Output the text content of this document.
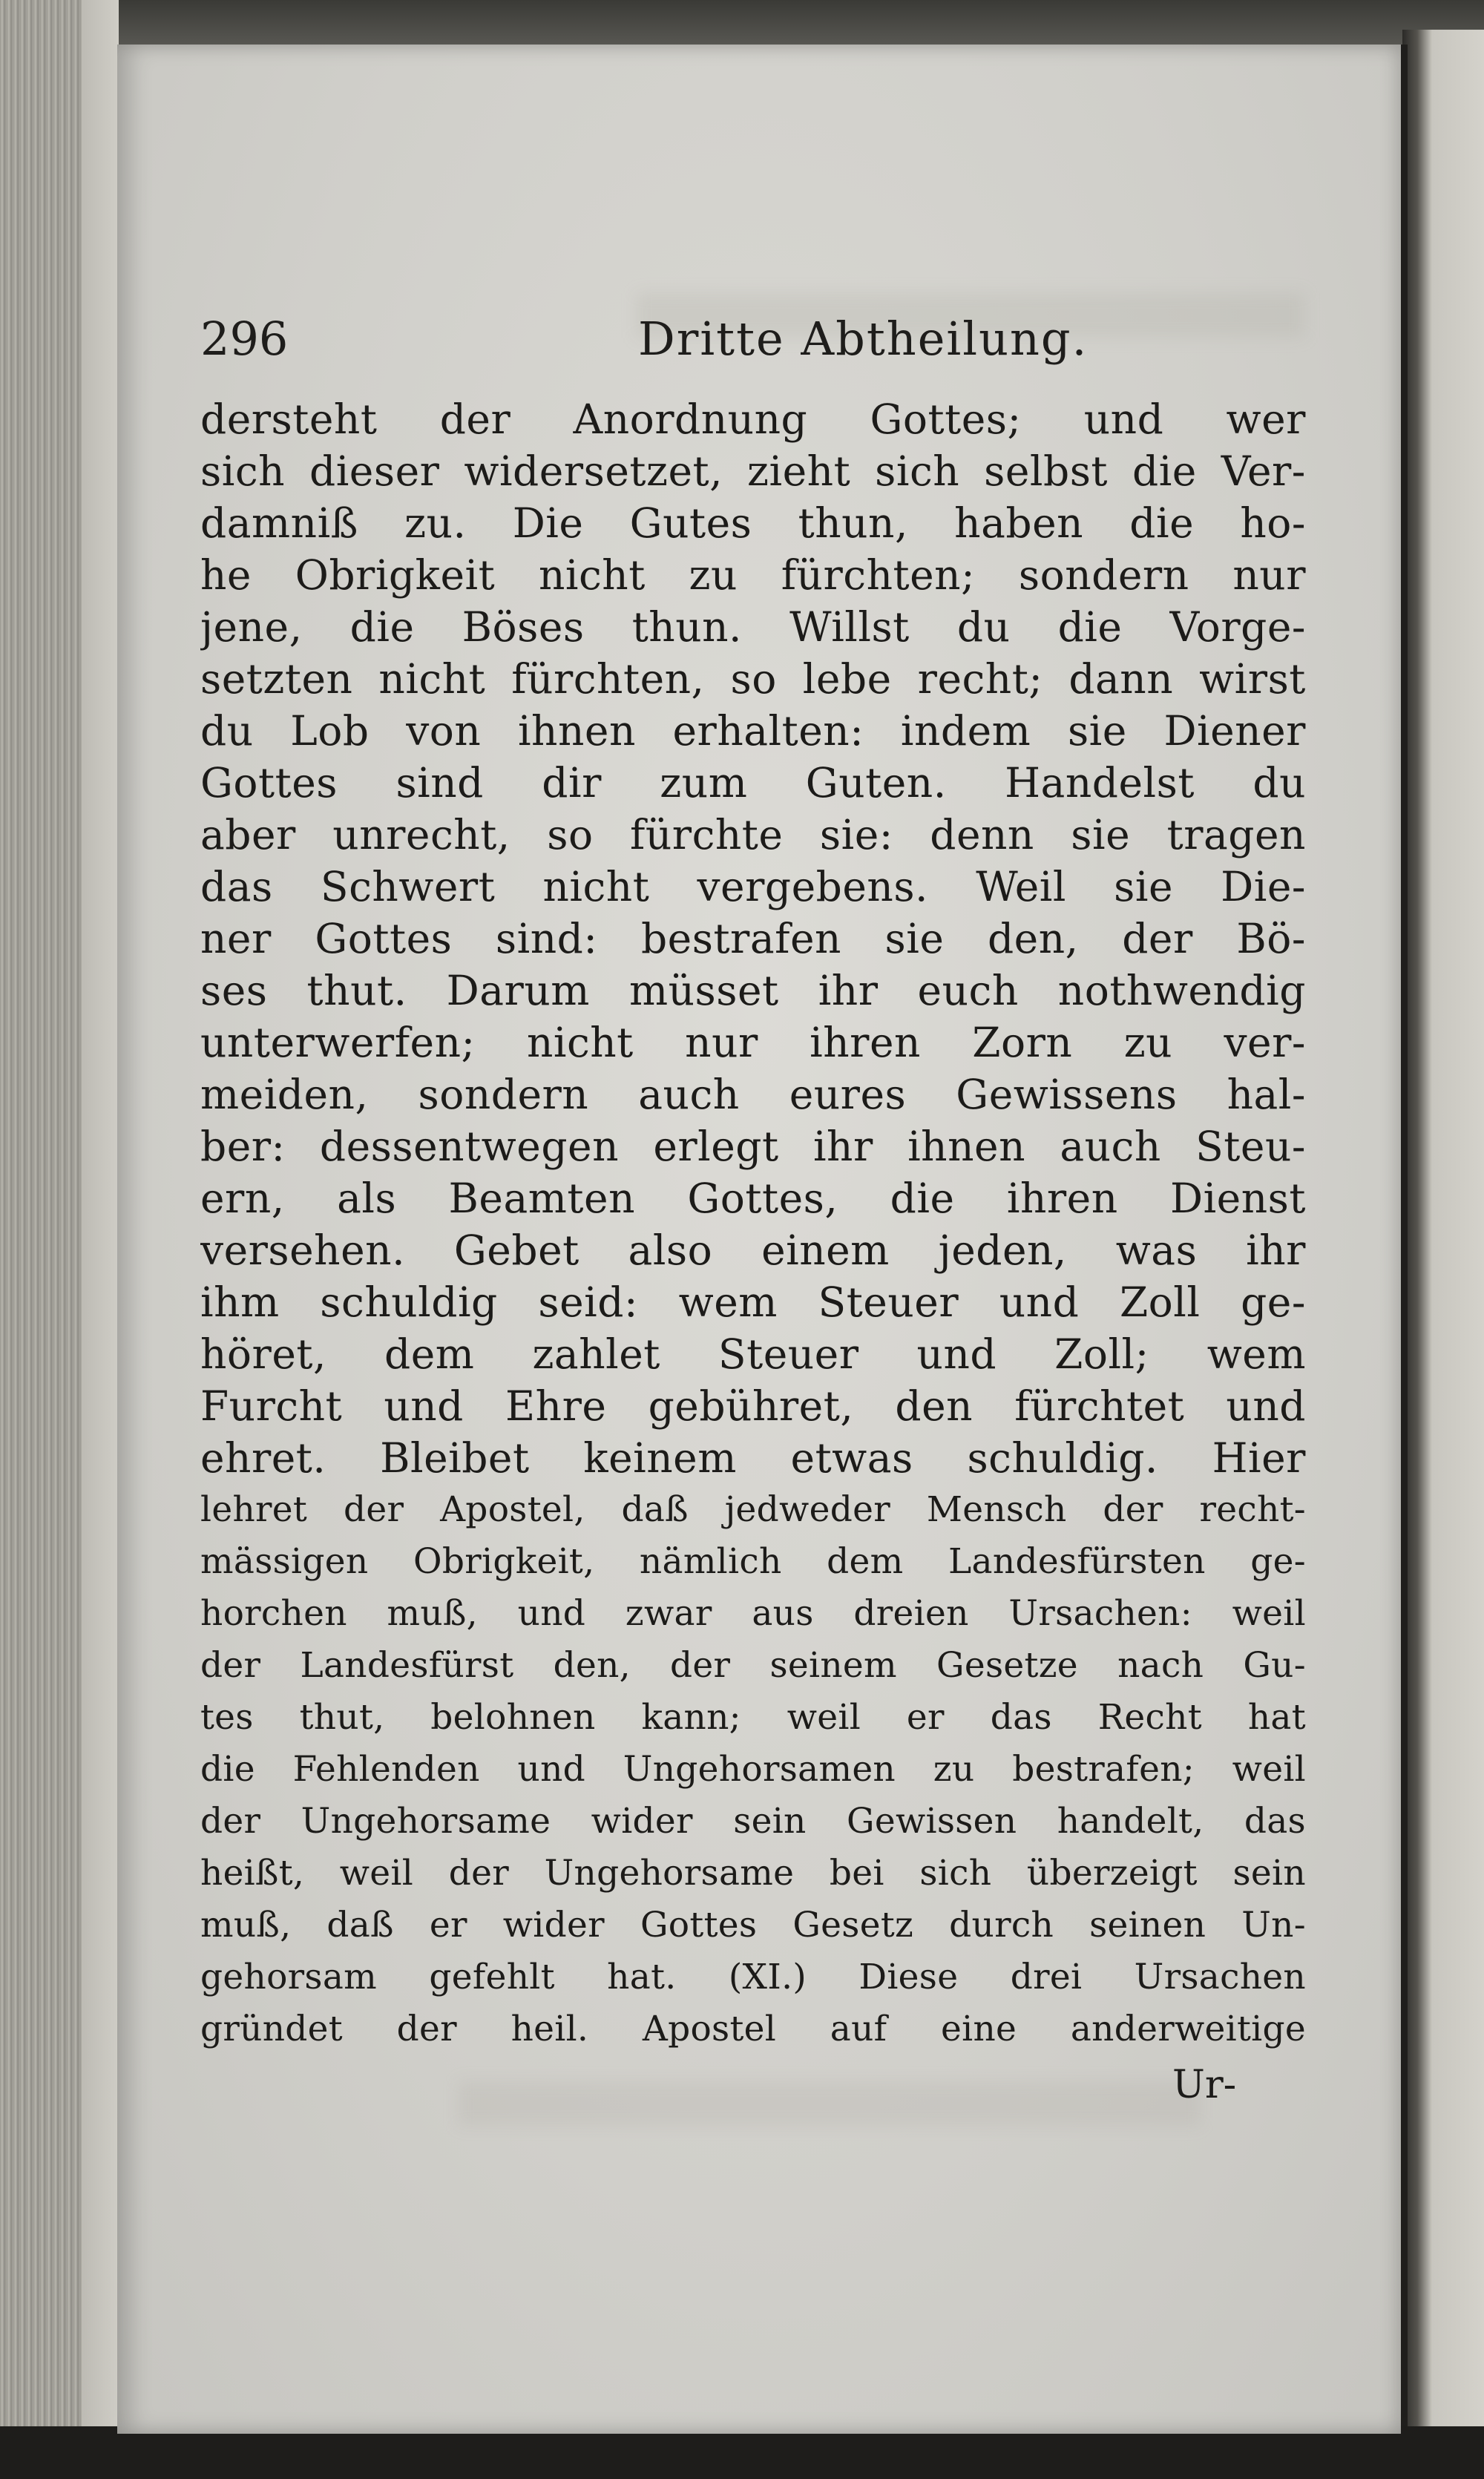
296	Dritte Abtheilung.
dersteht der Anordnung Gottes; und wer
sich dieser widersetzet, zieht sich selbst die Ver-
damniß zu. Die Gutes thun, haben die ho-
he Obrigkeit nicht zu fürchten; sondern nur
jene, die Böses thun. Willst du die Vorge-
setzten nicht fürchten, so lebe recht; dann wirst
du Lob von ihnen erhalten: indem sie Diener
Gottes sind dir zum Guten. Handelst du
aber unrecht, so fürchte sie: denn sie tragen
das Schwert nicht vergebens. Weil sie Die-
ner Gottes sind: bestrafen sie den, der Bö-
ses thut. Darum müsset ihr euch nothwendig
unterwerfen; nicht nur ihren Zorn zu ver-
meiden, sondern auch eures Gewissens hal-
ber: dessentwegen erlegt ihr ihnen auch Steu-
ern, als Beamten Gottes, die ihren Dienst
versehen. Gebet also einem jeden, was ihr
ihm schuldig seid: wem Steuer und Zoll ge-
höret, dem zahlet Steuer und Zoll; wem
Furcht und Ehre gebühret, den fürchtet und
ehret. Bleibet keinem etwas schuldig. Hier
lehret der Apostel, daß jedweder Mensch der recht-
mässigen Obrigkeit, nämlich dem Landesfürsten ge-
horchen muß, und zwar aus dreien Ursachen: weil
der Landesfürst den, der seinem Gesetze nach Gu-
tes thut, belohnen kann; weil er das Recht hat
die Fehlenden und Ungehorsamen zu bestrafen; weil
der Ungehorsame wider sein Gewissen handelt, das
heißt, weil der Ungehorsame bei sich überzeigt sein
muß, daß er wider Gottes Gesetz durch seinen Un-
gehorsam gefehlt hat. (XI.) Diese drei Ursachen
gründet der heil. Apostel auf eine anderweitige
Ur-
